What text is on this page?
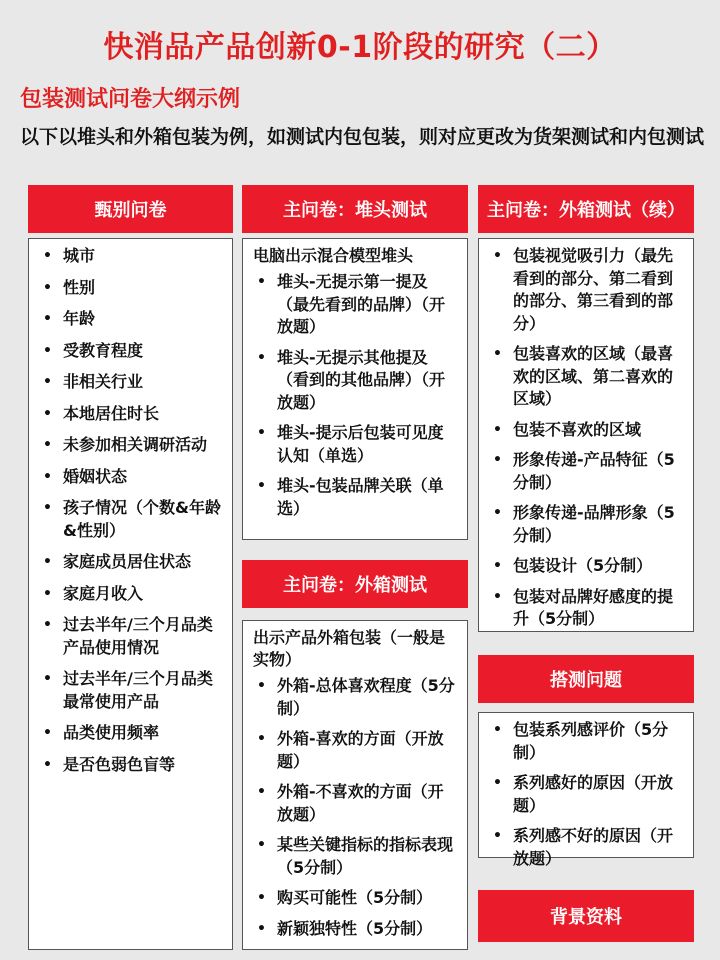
快消品产品创新0-1阶段的研究（二）
包装测试问卷大纲示例
以下以堆头和外箱包装为例，如测试内包包装，则对应更改为货架测试和内包测试
甄别问卷
• 城市
• 性别
• 年龄
• 受教育程度
• 非相关行业
• 本地居住时长
• 未参加相关调研活动
• 婚姻状态
• 孩子情况（个数&年龄&性别）
• 家庭成员居住状态
• 家庭月收入
• 过去半年/三个月品类产品使用情况
• 过去半年/三个月品类最常使用产品
• 品类使用频率
• 是否色弱色盲等
主问卷：堆头测试
电脑出示混合模型堆头
• 堆头-无提示第一提及（最先看到的品牌）（开放题）
• 堆头-无提示其他提及（看到的其他品牌）（开放题）
• 堆头-提示后包装可见度认知（单选）
• 堆头-包装品牌关联（单选）
主问卷：外箱测试
出示产品外箱包装（一般是实物）
• 外箱-总体喜欢程度（5分制）
• 外箱-喜欢的方面（开放题）
• 外箱-不喜欢的方面（开放题）
• 某些关键指标的指标表现（5分制）
• 购买可能性（5分制）
• 新颖独特性（5分制）
主问卷：外箱测试（续）
• 包装视觉吸引力（最先看到的部分、第二看到的部分、第三看到的部分）
• 包装喜欢的区域（最喜欢的区域、第二喜欢的区域）
• 包装不喜欢的区域
• 形象传递-产品特征（5分制）
• 形象传递-品牌形象（5分制）
• 包装设计（5分制）
• 包装对品牌好感度的提升（5分制）
搭测问题
• 包装系列感评价（5分制）
• 系列感好的原因（开放题）
• 系列感不好的原因（开放题）
背景资料
